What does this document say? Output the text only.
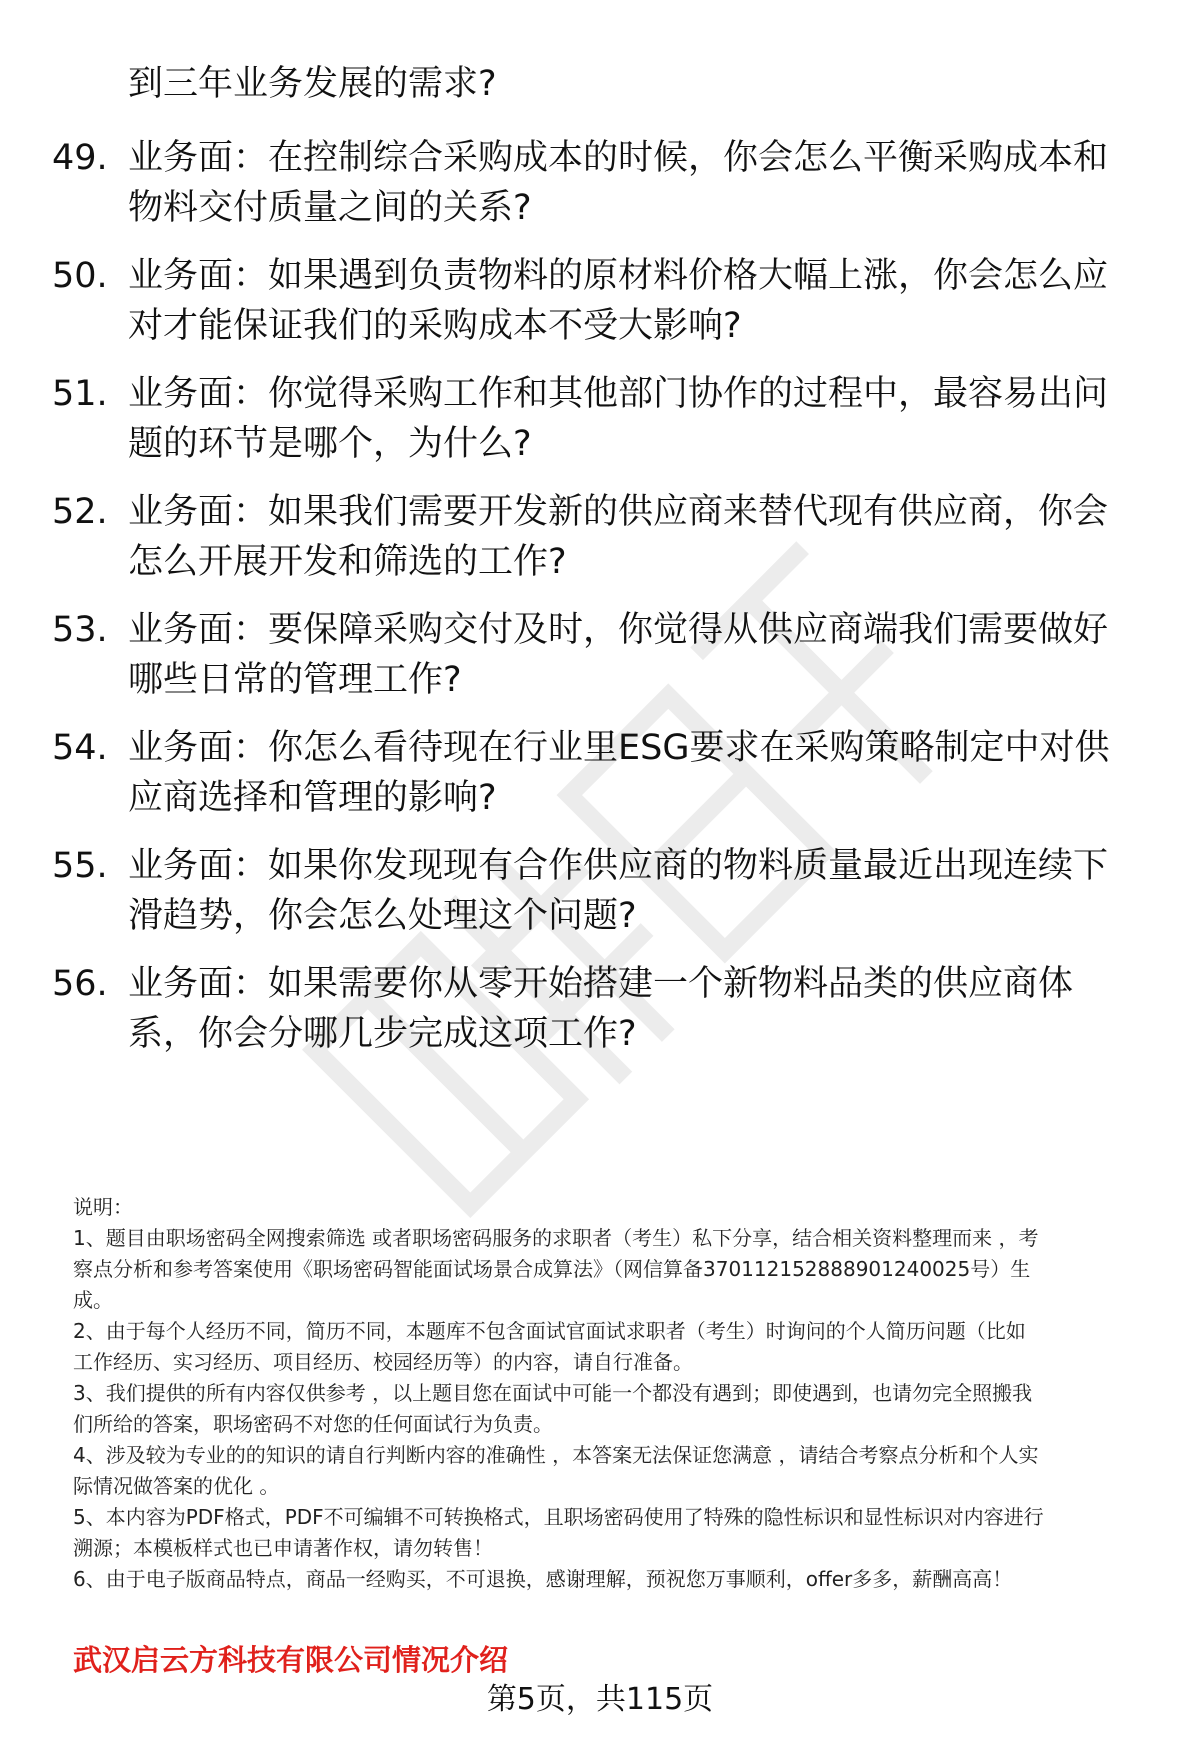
到三年业务发展的需求?
49. 业务面：在控制综合采购成本的时候，你会怎么平衡采购成本和
物料交付质量之间的关系?
50. 业务面：如果遇到负责物料的原材料价格大幅上涨，你会怎么应
对才能保证我们的采购成本不受大影响?
51. 业务面：你觉得采购工作和其他部门协作的过程中，最容易出问
题的环节是哪个，为什么?
52. 业务面：如果我们需要开发新的供应商来替代现有供应商，你会
怎么开展开发和筛选的工作?
53. 业务面：要保障采购交付及时，你觉得从供应商端我们需要做好
哪些日常的管理工作?
54. 业务面：你怎么看待现在行业里ESG要求在采购策略制定中对供
应商选择和管理的影响?
55. 业务面：如果你发现现有合作供应商的物料质量最近出现连续下
滑趋势，你会怎么处理这个问题?
56. 业务面：如果需要你从零开始搭建一个新物料品类的供应商体
系，你会分哪几步完成这项工作?
说明：
1、题目由职场密码全网搜索筛选 或者职场密码服务的求职者（考生）私下分享，结合相关资料整理而来 ，考
察点分析和参考答案使用《职场密码智能面试场景合成算法》（网信算备370112152888901240025号）生
成。
2、由于每个人经历不同，简历不同，本题库不包含面试官面试求职者（考生）时询问的个人简历问题（比如
工作经历、实习经历、项目经历、校园经历等）的内容，请自行准备。
3、我们提供的所有内容仅供参考 ，以上题目您在面试中可能一个都没有遇到；即使遇到，也请勿完全照搬我
们所给的答案，职场密码不对您的任何面试行为负责。
4、涉及较为专业的的知识的请自行判断内容的准确性 ，本答案无法保证您满意 ，请结合考察点分析和个人实
际情况做答案的优化 。
5、本内容为PDF格式，PDF不可编辑不可转换格式，且职场密码使用了特殊的隐性标识和显性标识对内容进行
溯源；本模板样式也已申请著作权，请勿转售！
6、由于电子版商品特点，商品一经购买，不可退换，感谢理解，预祝您万事顺利，offer多多，薪酬高高！
武汉启云方科技有限公司情况介绍
第5页，共115页
